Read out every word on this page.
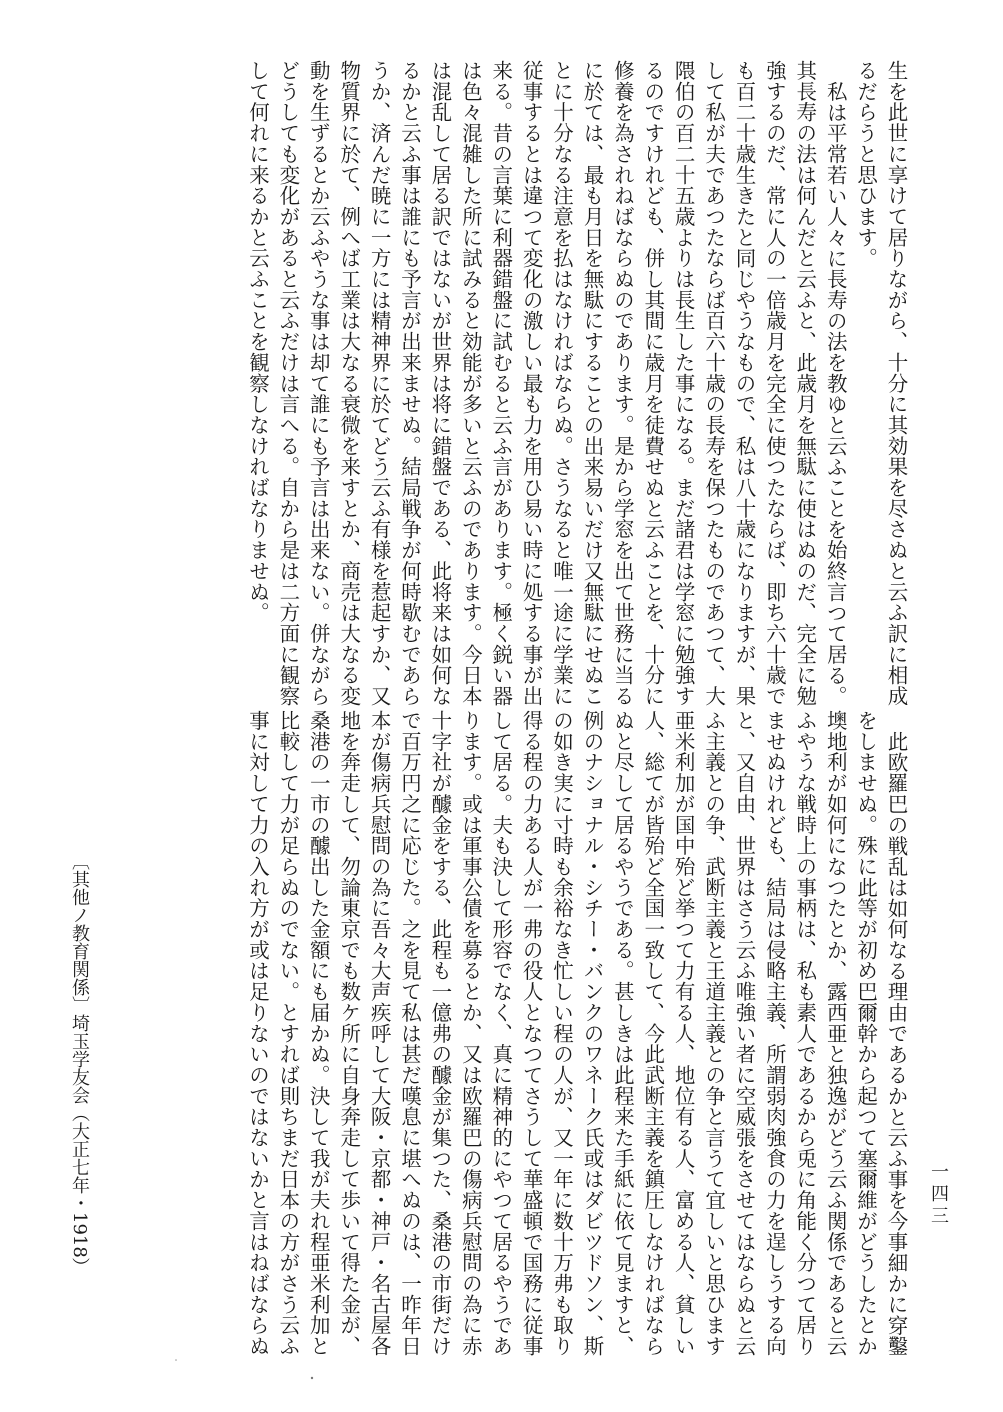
生を此世に享けて居りながら、十分に其効果を尽さぬと云ふ訳に相成

るだらうと思ひます。

私は平常若い人々に長寿の法を教ゆと云ふことを始終言つて居る。

其長寿の法は何んだと云ふと、此歳月を無駄に使はぬのだ、完全に勉

強するのだ、常に人の一倍歳月を完全に使つたならば、即ち六十歳で

も百二十歳生きたと同じやうなもので、私は八十歳になりますが、果

して私が夫であつたならば百六十歳の長寿を保つたものであつて、大

隈伯の百二十五歳よりは長生した事になる。まだ諸君は学窓に勉強す

るのですけれども、併し其間に歳月を徒費せぬと云ふことを、十分に

修養を為されねばならぬのであります。是から学窓を出て世務に当る

に於ては、最も月日を無駄にすることの出来易いだけ又無駄にせぬこ

とに十分なる注意を払はなければならぬ。さうなると唯一途に学業に

従事するとは違つて変化の激しい最も力を用ひ易い時に処する事が出

来る。昔の言葉に利器錯盤に試むると云ふ言があります。極く鋭い器

は色々混雑した所に試みると効能が多いと云ふのであります。今日本

は混乱して居る訳ではないが世界は将に錯盤である、此将来は如何な

るかと云ふ事は誰にも予言が出来ませぬ。結局戦争が何時歇むであら

うか、済んだ暁に一方には精神界に於てどう云ふ有様を惹起すか、又

物質界に於て、例へば工業は大なる衰微を来すとか、商売は大なる変

動を生ずるとか云ふやうな事は却て誰にも予言は出来ない。併ながら

どうしても変化があると云ふだけは言へる。自から是は二方面に観察

して何れに来るかと云ふことを観察しなければなりませぬ。

此欧羅巴の戦乱は如何なる理由であるかと云ふ事を今事細かに穿鑿

をしませぬ。殊に此等が初め巴爾幹から起つて塞爾維がどうしたとか

墺地利が如何になつたとか、露西亜と独逸がどう云ふ関係であると云

ふやうな戦時上の事柄は、私も素人であるから兎に角能く分つて居り

ませぬけれども、結局は侵略主義、所謂弱肉強食の力を逞しうする向

と、又自由、世界はさう云ふ唯強い者に空威張をさせてはならぬと云

ふ主義との争、武断主義と王道主義との争と言うて宜しいと思ひます

亜米利加が国中殆ど挙つて力有る人、地位有る人、富める人、貧しい

人、総てが皆殆ど全国一致して、今此武断主義を鎮圧しなければなら

ぬと尽して居るやうである。甚しきは此程来た手紙に依て見ますと、

例のナショナル・シチー・バンクのワネーク氏或はダビツドソン、斯

の如き実に寸時も余裕なき忙しい程の人が、又一年に数十万弗も取り

得る程の力ある人が一弗の役人となつてさうして華盛頓で国務に従事

して居る。夫も決して形容でなく、真に精神的にやつて居るやうであ

ります。或は軍事公債を募るとか、又は欧羅巴の傷病兵慰問の為に赤

十字社が醵金をする、此程も一億弗の醵金が集つた、桑港の市街だけ

で百万円之に応じた。之を見て私は甚だ嘆息に堪へぬのは、一昨年日

本が傷病兵慰問の為に吾々大声疾呼して大阪・京都・神戸・名古屋各

地を奔走して、勿論東京でも数ケ所に自身奔走して歩いて得た金が、

桑港の一市の醵出した金額にも届かぬ。決して我が夫れ程亜米利加と

比較して力が足らぬのでない。とすれば則ちまだ日本の方がさう云ふ

事に対して力の入れ方が或は足りないのではないかと言はねばならぬ

〔其他ノ教育関係〕
埼玉学友会
（大正七年・1918）	一四三
